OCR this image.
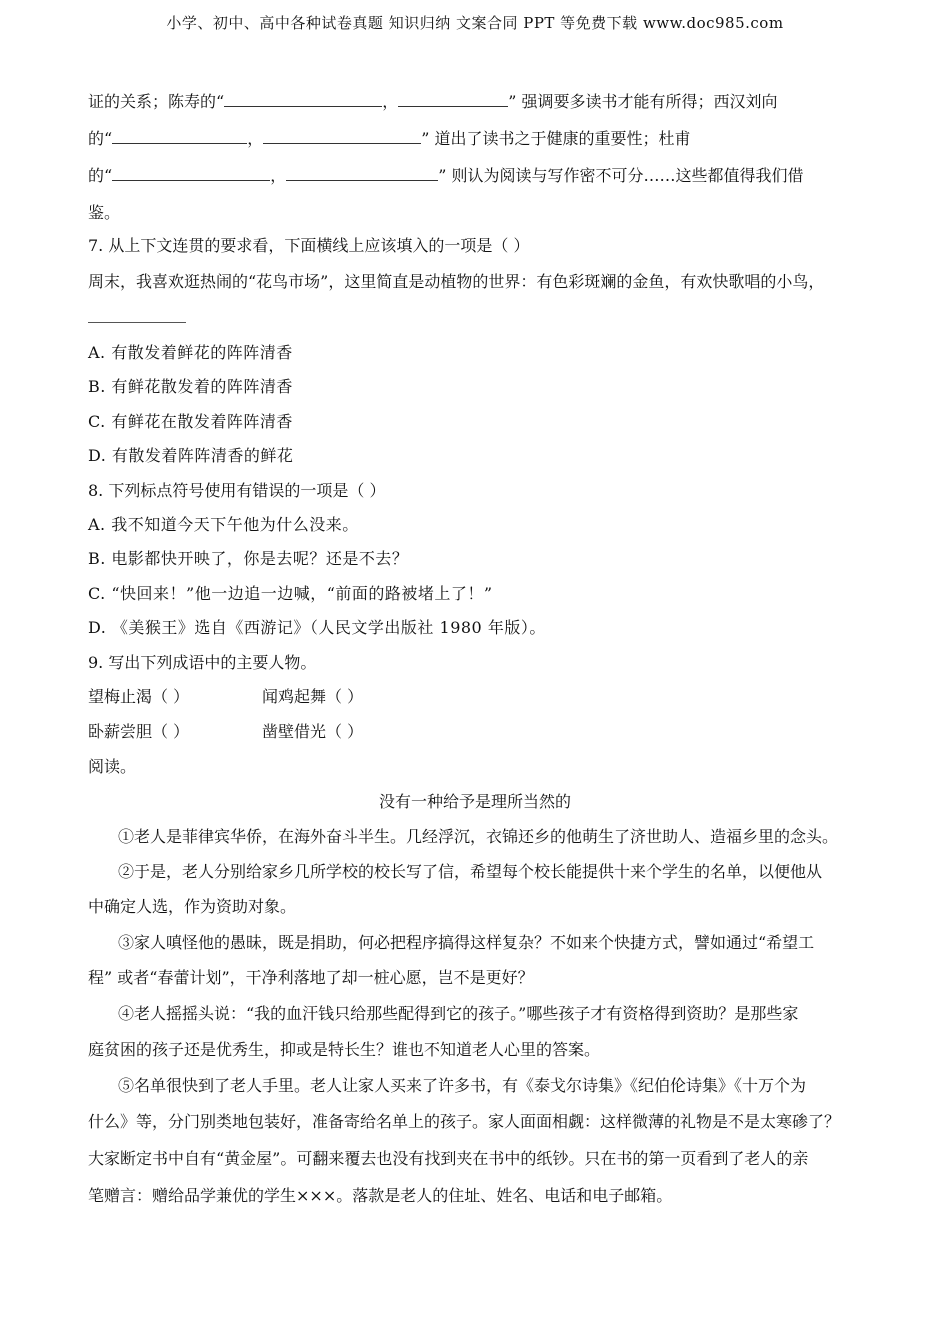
小学、初中、高中各种试卷真题 知识归纳 文案合同 PPT 等免费下载 www.doc985.com
证的关系；陈寿的“	，	” 强调要多读书才能有所得；西汉刘向
的“	，	” 道出了读书之于健康的重要性；杜甫
的“	，	” 则认为阅读与写作密不可分……这些都值得我们借
鉴。
7. 从上下文连贯的要求看，下面横线上应该填入的一项是（ ）
周末，我喜欢逛热闹的“花鸟市场”，这里简直是动植物的世界：有色彩斑斓的金鱼，有欢快歌唱的小鸟，
A. 有散发着鲜花的阵阵清香
B. 有鲜花散发着的阵阵清香
C. 有鲜花在散发着阵阵清香
D. 有散发着阵阵清香的鲜花
8. 下列标点符号使用有错误的一项是（ ）
A. 我不知道今天下午他为什么没来。
B. 电影都快开映了，你是去呢？还是不去？
C. “快回来！”他一边追一边喊，“前面的路被堵上了！”
D. 《美猴王》选自《西游记》（人民文学出版社 1980 年版）。
9. 写出下列成语中的主要人物。
望梅止渴（ ）	闻鸡起舞（ ）
卧薪尝胆（ ）	凿壁借光（ ）
阅读。
没有一种给予是理所当然的
①老人是菲律宾华侨，在海外奋斗半生。几经浮沉，衣锦还乡的他萌生了济世助人、造福乡里的念头。
②于是，老人分别给家乡几所学校的校长写了信，希望每个校长能提供十来个学生的名单，以便他从
中确定人选，作为资助对象。
③家人嗔怪他的愚昧，既是捐助，何必把程序搞得这样复杂？不如来个快捷方式，譬如通过“希望工
程” 或者“春蕾计划”，干净利落地了却一桩心愿，岂不是更好？
④老人摇摇头说：“我的血汗钱只给那些配得到它的孩子。”哪些孩子才有资格得到资助？是那些家
庭贫困的孩子还是优秀生，抑或是特长生？谁也不知道老人心里的答案。
⑤名单很快到了老人手里。老人让家人买来了许多书，有《泰戈尔诗集》《纪伯伦诗集》《十万个为
什么》等，分门别类地包装好，准备寄给名单上的孩子。家人面面相觑：这样微薄的礼物是不是太寒碜了？
大家断定书中自有“黄金屋”。可翻来覆去也没有找到夹在书中的纸钞。只在书的第一页看到了老人的亲
笔赠言：赠给品学兼优的学生×××。落款是老人的住址、姓名、电话和电子邮箱。
